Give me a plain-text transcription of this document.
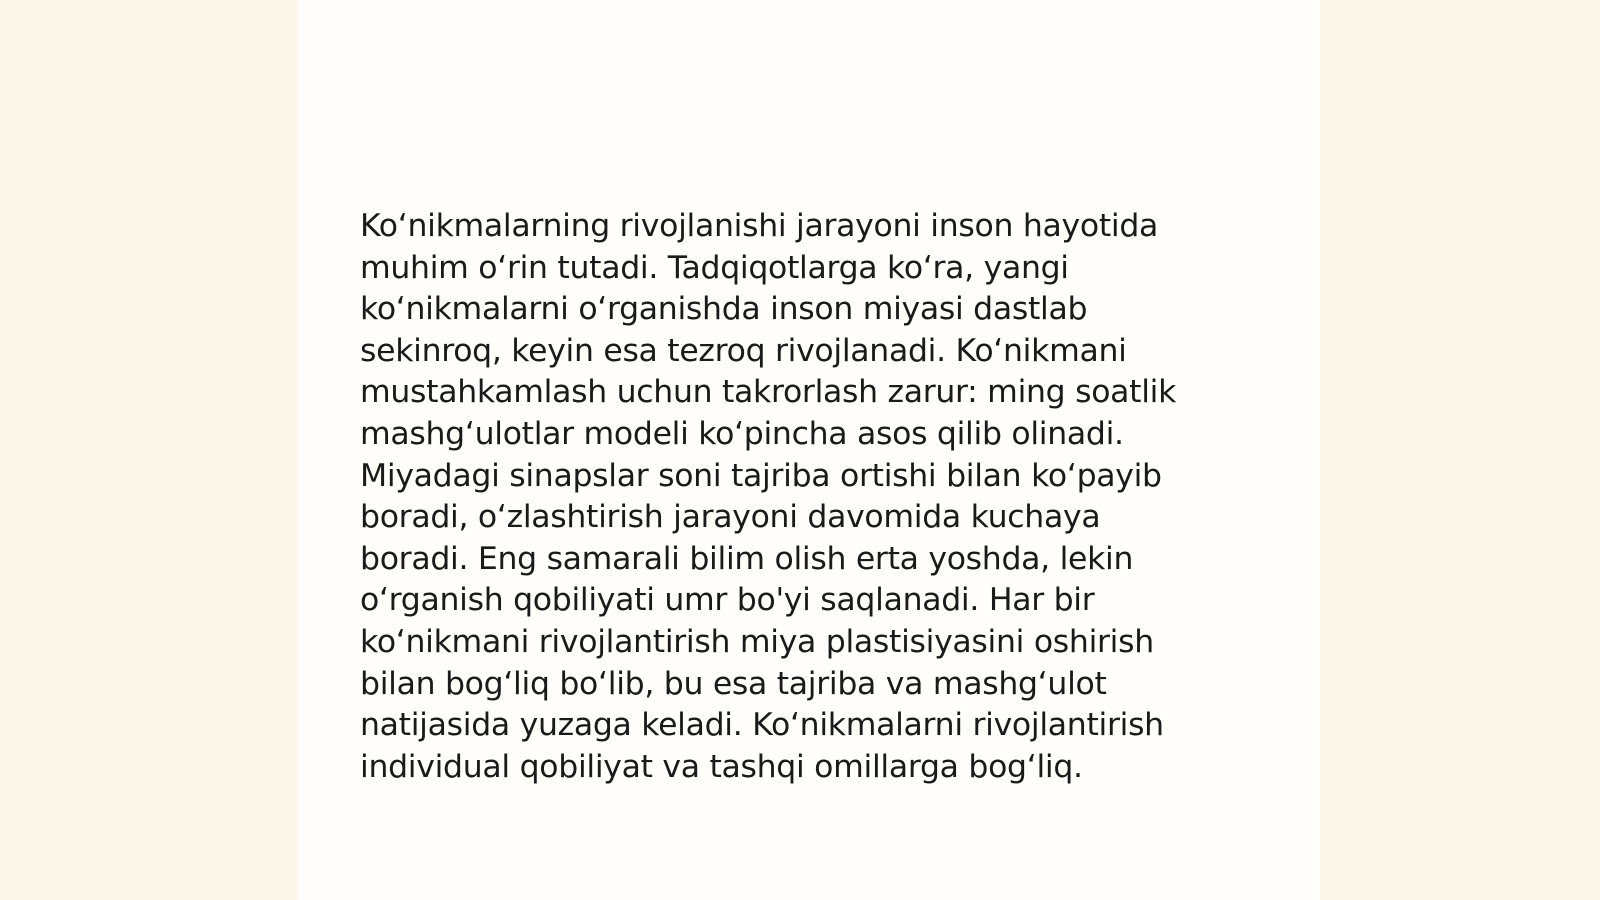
Koʻnikmalarning rivojlanishi jarayoni inson hayotida
muhim oʻrin tutadi. Tadqiqotlarga koʻra, yangi
koʻnikmalarni oʻrganishda inson miyasi dastlab
sekinroq, keyin esa tezroq rivojlanadi. Koʻnikmani
mustahkamlash uchun takrorlash zarur: ming soatlik
mashgʻulotlar modeli koʻpincha asos qilib olinadi.
Miyadagi sinapslar soni tajriba ortishi bilan koʻpayib
boradi, oʻzlashtirish jarayoni davomida kuchaya
boradi. Eng samarali bilim olish erta yoshda, lekin
oʻrganish qobiliyati umr bo'yi saqlanadi. Har bir
koʻnikmani rivojlantirish miya plastisiyasini oshirish
bilan bogʻliq boʻlib, bu esa tajriba va mashgʻulot
natijasida yuzaga keladi. Koʻnikmalarni rivojlantirish
individual qobiliyat va tashqi omillarga bogʻliq.
